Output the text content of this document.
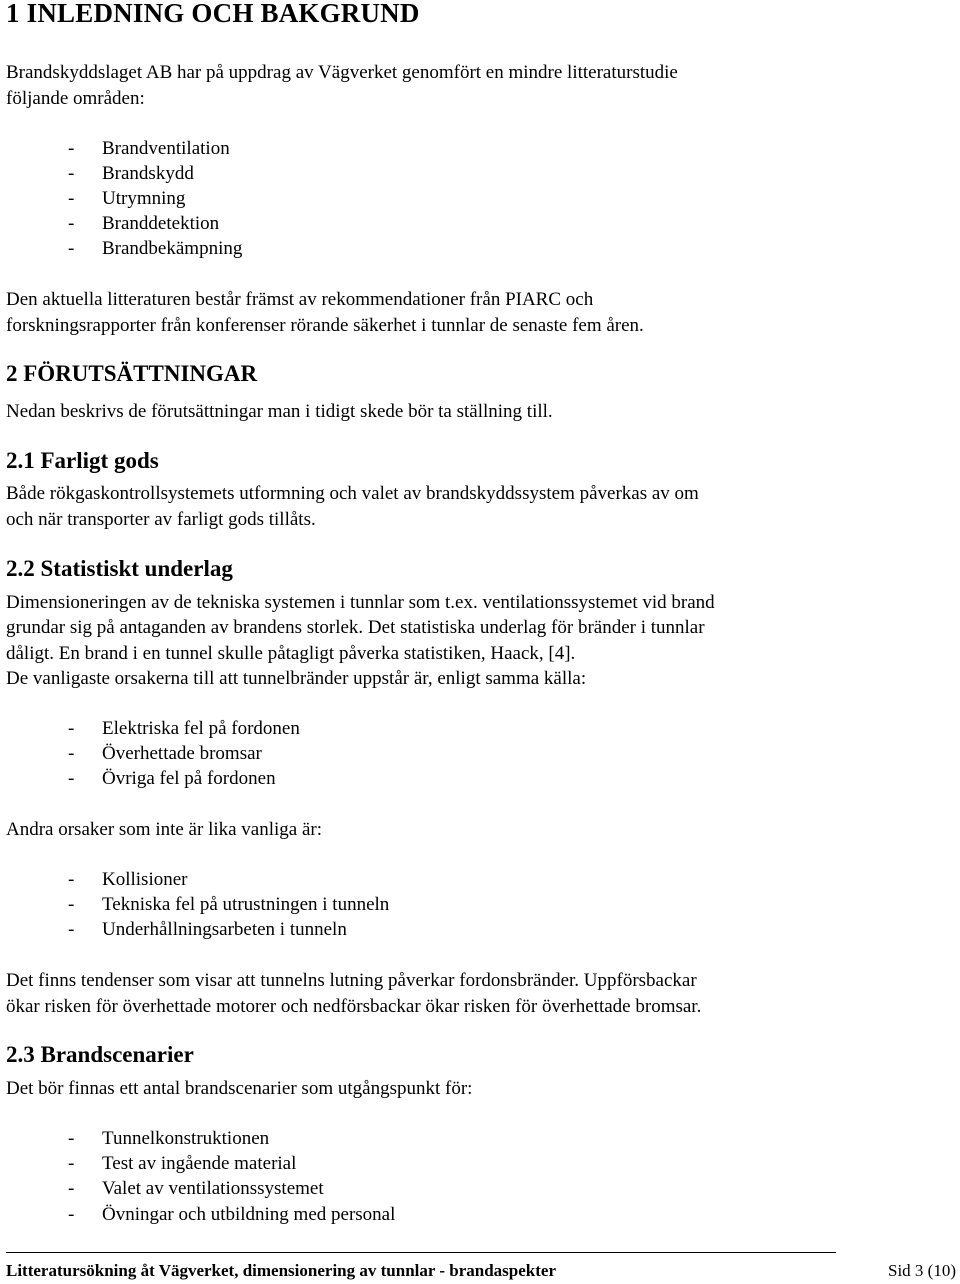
1 INLEDNING OCH BAKGRUND
Brandskyddslaget AB har på uppdrag av Vägverket genomfört en mindre litteraturstudie
följande områden:
- Brandventilation
- Brandskydd
- Utrymning
- Branddetektion
- Brandbekämpning
Den aktuella litteraturen består främst av rekommendationer från PIARC och
forskningsrapporter från konferenser rörande säkerhet i tunnlar de senaste fem åren.
2 FÖRUTSÄTTNINGAR
Nedan beskrivs de förutsättningar man i tidigt skede bör ta ställning till.
2.1 Farligt gods
Både rökgaskontrollsystemets utformning och valet av brandskyddssystem påverkas av om
och när transporter av farligt gods tillåts.
2.2 Statistiskt underlag
Dimensioneringen av de tekniska systemen i tunnlar som t.ex. ventilationssystemet vid brand
grundar sig på antaganden av brandens storlek. Det statistiska underlag för bränder i tunnlar
dåligt. En brand i en tunnel skulle påtagligt påverka statistiken, Haack, [4].
De vanligaste orsakerna till att tunnelbränder uppstår är, enligt samma källa:
- Elektriska fel på fordonen
- Överhettade bromsar
- Övriga fel på fordonen
Andra orsaker som inte är lika vanliga är:
- Kollisioner
- Tekniska fel på utrustningen i tunneln
- Underhållningsarbeten i tunneln
Det finns tendenser som visar att tunnelns lutning påverkar fordonsbränder. Uppförsbackar
ökar risken för överhettade motorer och nedförsbackar ökar risken för överhettade bromsar.
2.3 Brandscenarier
Det bör finnas ett antal brandscenarier som utgångspunkt för:
- Tunnelkonstruktionen
- Test av ingående material
- Valet av ventilationssystemet
- Övningar och utbildning med personal
Litteratursökning åt Vägverket, dimensionering av tunnlar - brandaspekter	Sid 3 (10)
